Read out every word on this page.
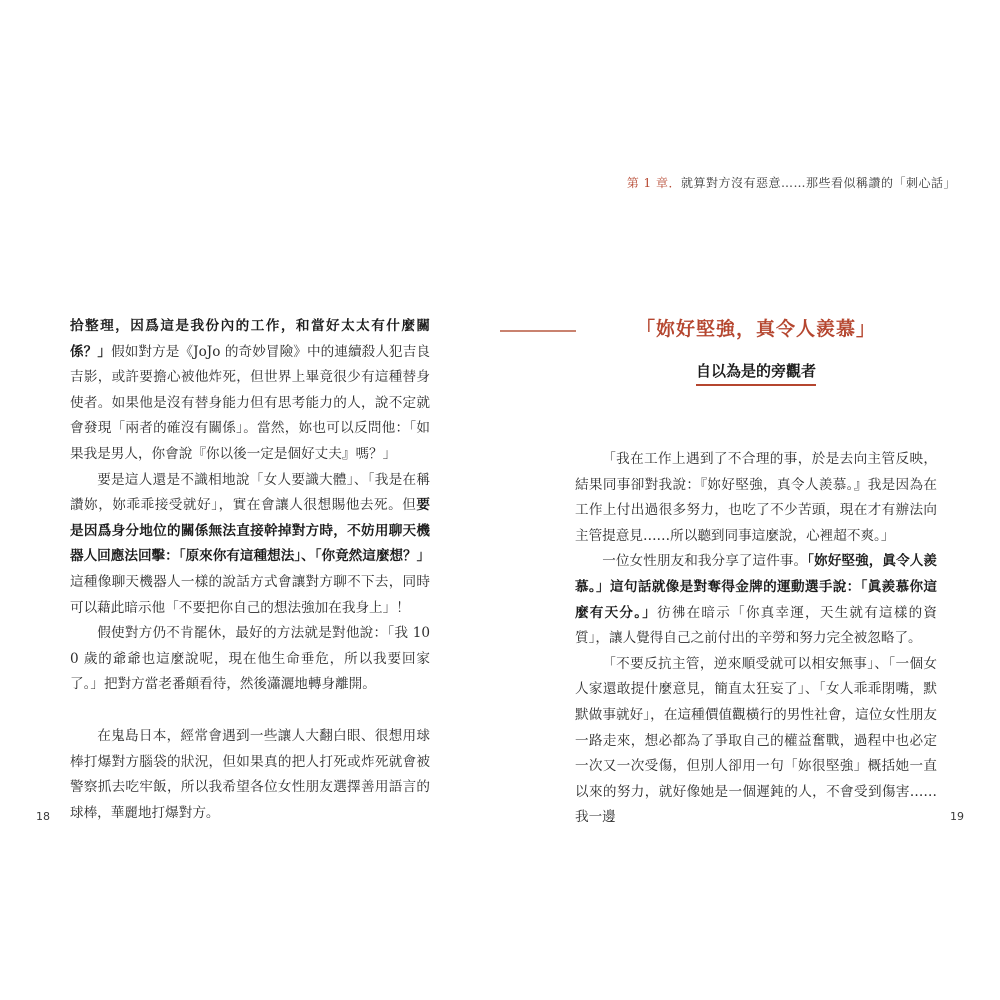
第 1 章．就算對方沒有惡意……那些看似稱讚的「刺心話」

拾整理，因爲這是我份內的工作，和當好太太有什麼關係？」假如對方是《JoJo 的奇妙冒險》中的連續殺人犯吉良吉影，或許要擔心被他炸死，但世界上畢竟很少有這種替身使者。如果他是沒有替身能力但有思考能力的人，說不定就會發現「兩者的確沒有關係」。當然，妳也可以反問他：「如果我是男人，你會說『你以後一定是個好丈夫』嗎？」

要是這人還是不識相地說「女人要識大體」、「我是在稱讚妳，妳乖乖接受就好」，實在會讓人很想賜他去死。但要是因爲身分地位的關係無法直接幹掉對方時，不妨用聊天機器人回應法回擊：「原來你有這種想法」、「你竟然這麼想？」這種像聊天機器人一樣的說話方式會讓對方聊不下去，同時可以藉此暗示他「不要把你自己的想法強加在我身上」！

假使對方仍不肯罷休，最好的方法就是對他說：「我 100 歲的爺爺也這麼說呢，現在他生命垂危，所以我要回家了。」把對方當老番顛看待，然後瀟灑地轉身離開。

在鬼島日本，經常會遇到一些讓人大翻白眼、很想用球棒打爆對方腦袋的狀況，但如果真的把人打死或炸死就會被警察抓去吃牢飯，所以我希望各位女性朋友選擇善用語言的球棒，華麗地打爆對方。

18
「妳好堅強，真令人羨慕」
自以為是的旁觀者

「我在工作上遇到了不合理的事，於是去向主管反映，結果同事卻對我說：『妳好堅強，真令人羨慕。』我是因為在工作上付出過很多努力，也吃了不少苦頭，現在才有辦法向主管提意見……所以聽到同事這麼說，心裡超不爽。」

一位女性朋友和我分享了這件事。「妳好堅強，眞令人羨慕。」這句話就像是對奪得金牌的運動選手說：「眞羨慕你這麼有天分。」彷彿在暗示「你真幸運，天生就有這樣的資質」，讓人覺得自己之前付出的辛勞和努力完全被忽略了。

「不要反抗主管，逆來順受就可以相安無事」、「一個女人家還敢提什麼意見，簡直太狂妄了」、「女人乖乖閉嘴，默默做事就好」，在這種價值觀橫行的男性社會，這位女性朋友一路走來，想必都為了爭取自己的權益奮戰，過程中也必定一次又一次受傷，但別人卻用一句「妳很堅強」概括她一直以來的努力，就好像她是一個遲鈍的人，不會受到傷害……我一邊	19
